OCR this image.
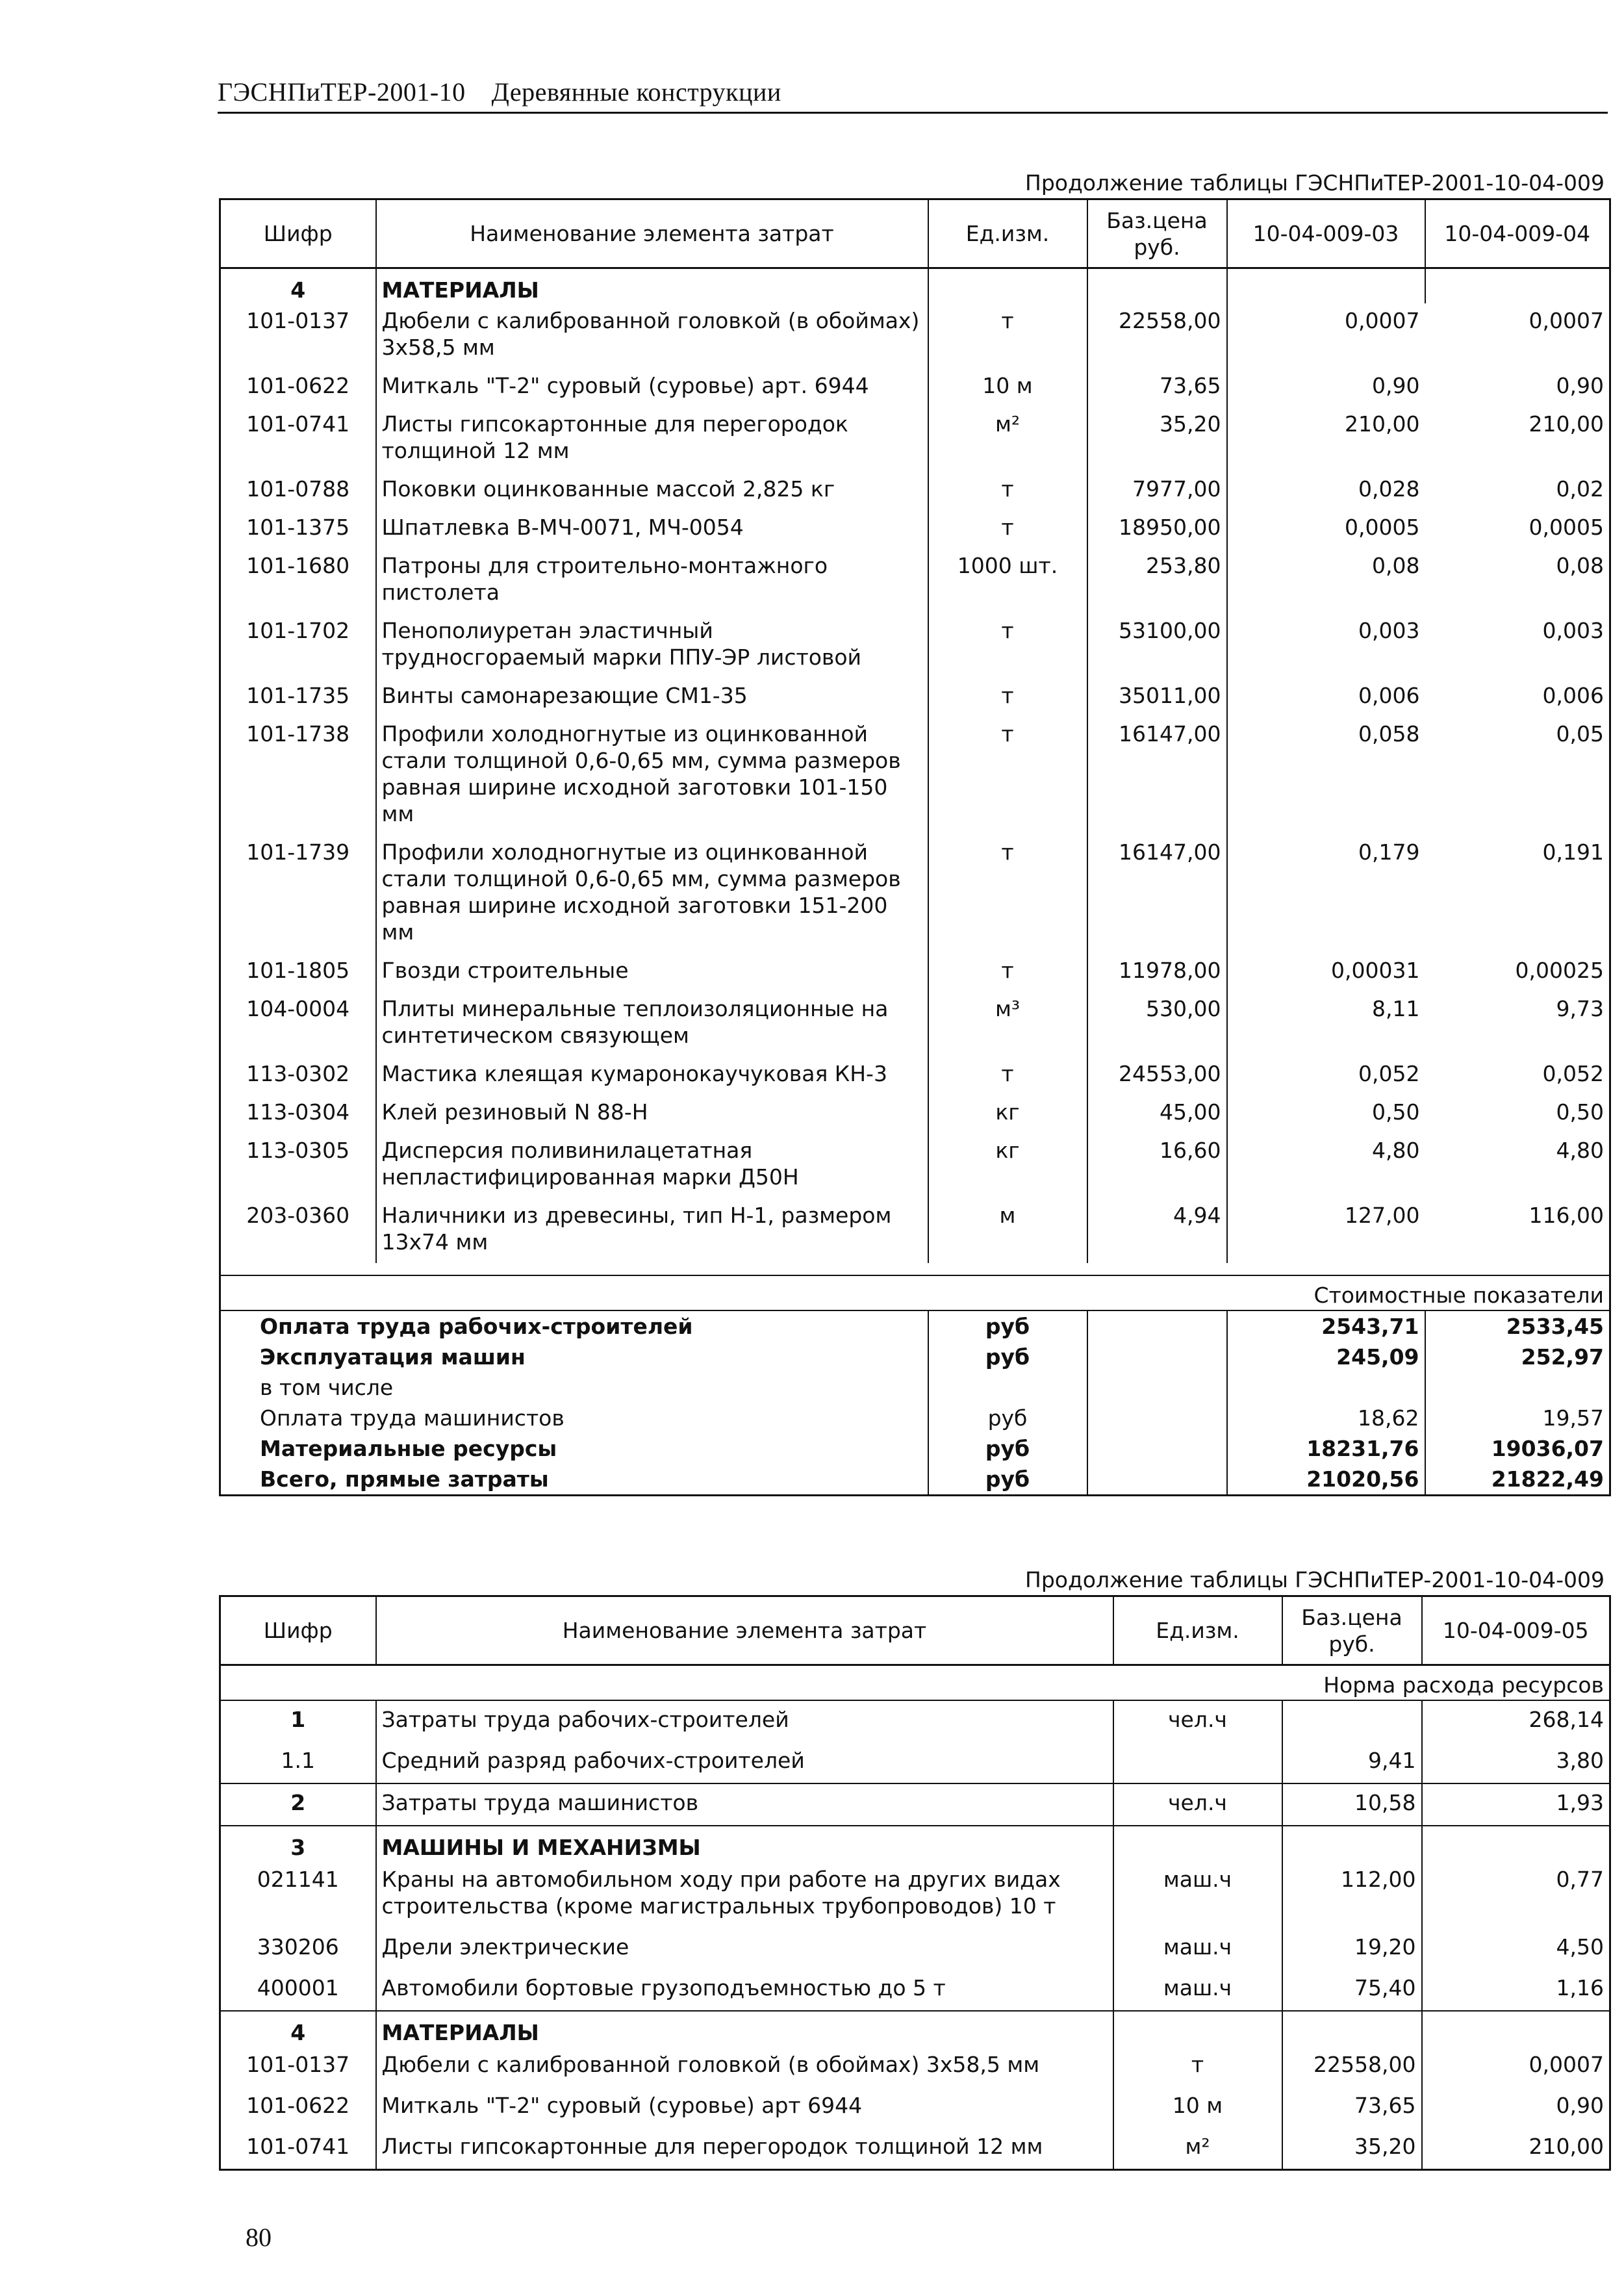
ГЭСНПиТЕР-2001-10 Деревянные конструкции
Продолжение таблицы ГЭСНПиТЕР-2001-10-04-009
Шифр	Наименование элемента затрат	Ед.изм.	Баз.цена руб.	10-04-009-03	10-04-009-04
4	МАТЕРИАЛЫ				
101-0137	Дюбели с калиброванной головкой (в обоймах) 3х58,5 мм	т	22558,00	0,0007	0,0007
101-0622	Миткаль "Т-2" суровый (суровье) арт. 6944	10 м	73,65	0,90	0,90
101-0741	Листы гипсокартонные для перегородок толщиной 12 мм	м²	35,20	210,00	210,00
101-0788	Поковки оцинкованные массой 2,825 кг	т	7977,00	0,028	0,02
101-1375	Шпатлевка В-МЧ-0071, МЧ-0054	т	18950,00	0,0005	0,0005
101-1680	Патроны для строительно-монтажного пистолета	1000 шт.	253,80	0,08	0,08
101-1702	Пенополиуретан эластичный трудносгораемый марки ППУ-ЭР листовой	т	53100,00	0,003	0,003
101-1735	Винты самонарезающие СМ1-35	т	35011,00	0,006	0,006
101-1738	Профили холодногнутые из оцинкованной стали толщиной 0,6-0,65 мм, сумма размеров равная ширине исходной заготовки 101-150 мм	т	16147,00	0,058	0,05
101-1739	Профили холодногнутые из оцинкованной стали толщиной 0,6-0,65 мм, сумма размеров равная ширине исходной заготовки 151-200 мм	т	16147,00	0,179	0,191
101-1805	Гвозди строительные	т	11978,00	0,00031	0,00025
104-0004	Плиты минеральные теплоизоляционные на синтетическом связующем	м³	530,00	8,11	9,73
113-0302	Мастика клеящая кумаронокаучуковая КН-3	т	24553,00	0,052	0,052
113-0304	Клей резиновый N 88-Н	кг	45,00	0,50	0,50
113-0305	Дисперсия поливинилацетатная непластифицированная марки Д50Н	кг	16,60	4,80	4,80
203-0360	Наличники из древесины, тип Н-1, размером 13х74 мм	м	4,94	127,00	116,00

Стоимостные показатели					
Оплата труда рабочих-строителей		руб		2543,71	2533,45
Эксплуатация машин		руб		245,09	252,97
в том числе					
Оплата труда машинистов		руб		18,62	19,57
Материальные ресурсы		руб		18231,76	19036,07
Всего, прямые затраты		руб		21020,56	21822,49
Продолжение таблицы ГЭСНПиТЕР-2001-10-04-009
Шифр	Наименование элемента затрат	Ед.изм.	Баз.цена руб.	10-04-009-05
Норма расхода ресурсов				
1	Затраты труда рабочих-строителей	чел.ч		268,14
1.1	Средний разряд рабочих-строителей		9,41	3,80
2	Затраты труда машинистов	чел.ч	10,58	1,93
3	МАШИНЫ И МЕХАНИЗМЫ			
021141	Краны на автомобильном ходу при работе на других видах строительства (кроме магистральных трубопроводов) 10 т	маш.ч	112,00	0,77
330206	Дрели электрические	маш.ч	19,20	4,50
400001	Автомобили бортовые грузоподъемностью до 5 т	маш.ч	75,40	1,16
4	МАТЕРИАЛЫ			
101-0137	Дюбели с калиброванной головкой (в обоймах) 3х58,5 мм	т	22558,00	0,0007
101-0622	Миткаль "Т-2" суровый (суровье) арт 6944	10 м	73,65	0,90
101-0741	Листы гипсокартонные для перегородок толщиной 12 мм	м²	35,20	210,00
80
